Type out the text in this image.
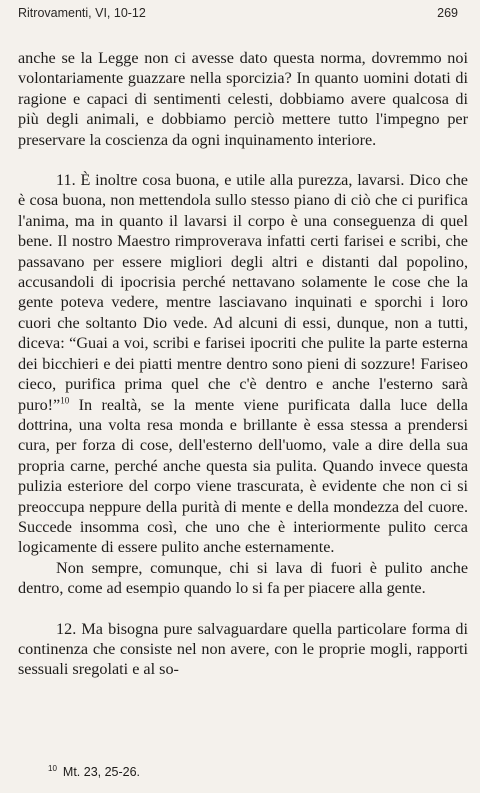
Ritrovamenti, VI, 10-12	269

anche se la Legge non ci avesse dato questa norma, dovremmo noi volontariamente guazzare nella sporcizia? In quanto uomini dotati di ragione e capaci di sentimenti celesti, dobbiamo avere qualcosa di più degli animali, e dobbiamo perciò mettere tutto l'impegno per preservare la coscienza da ogni inquinamento interiore.

11. È inoltre cosa buona, e utile alla purezza, lavarsi. Dico che è cosa buona, non mettendola sullo stesso piano di ciò che ci purifica l'anima, ma in quanto il lavarsi il corpo è una conseguenza di quel bene. Il nostro Maestro rimproverava infatti certi farisei e scribi, che passavano per essere migliori degli altri e distanti dal popolino, accusandoli di ipocrisia perché nettavano solamente le cose che la gente poteva vedere, mentre lasciavano inquinati e sporchi i loro cuori che soltanto Dio vede. Ad alcuni di essi, dunque, non a tutti, diceva: “Guai a voi, scribi e farisei ipocriti che pulite la parte esterna dei bicchieri e dei piatti mentre dentro sono pieni di sozzure! Fariseo cieco, purifica prima quel che c'è dentro e anche l'esterno sarà puro!”$^{10}$ In realtà, se la mente viene purificata dalla luce della dottrina, una volta resa monda e brillante è essa stessa a prendersi cura, per forza di cose, dell'esterno dell'uomo, vale a dire della sua propria carne, perché anche questa sia pulita. Quando invece questa pulizia esteriore del corpo viene trascurata, è evidente che non ci si preoccupa neppure della purità di mente e della mondezza del cuore. Succede insomma così, che uno che è interiormente pulito cerca logicamente di essere pulito anche esternamente.

Non sempre, comunque, chi si lava di fuori è pulito anche dentro, come ad esempio quando lo si fa per piacere alla gente.

12. Ma bisogna pure salvaguardare quella particolare forma di continenza che consiste nel non avere, con le proprie mogli, rapporti sessuali sregolati e al so-

$^{10}$ Mt. 23, 25-26.
